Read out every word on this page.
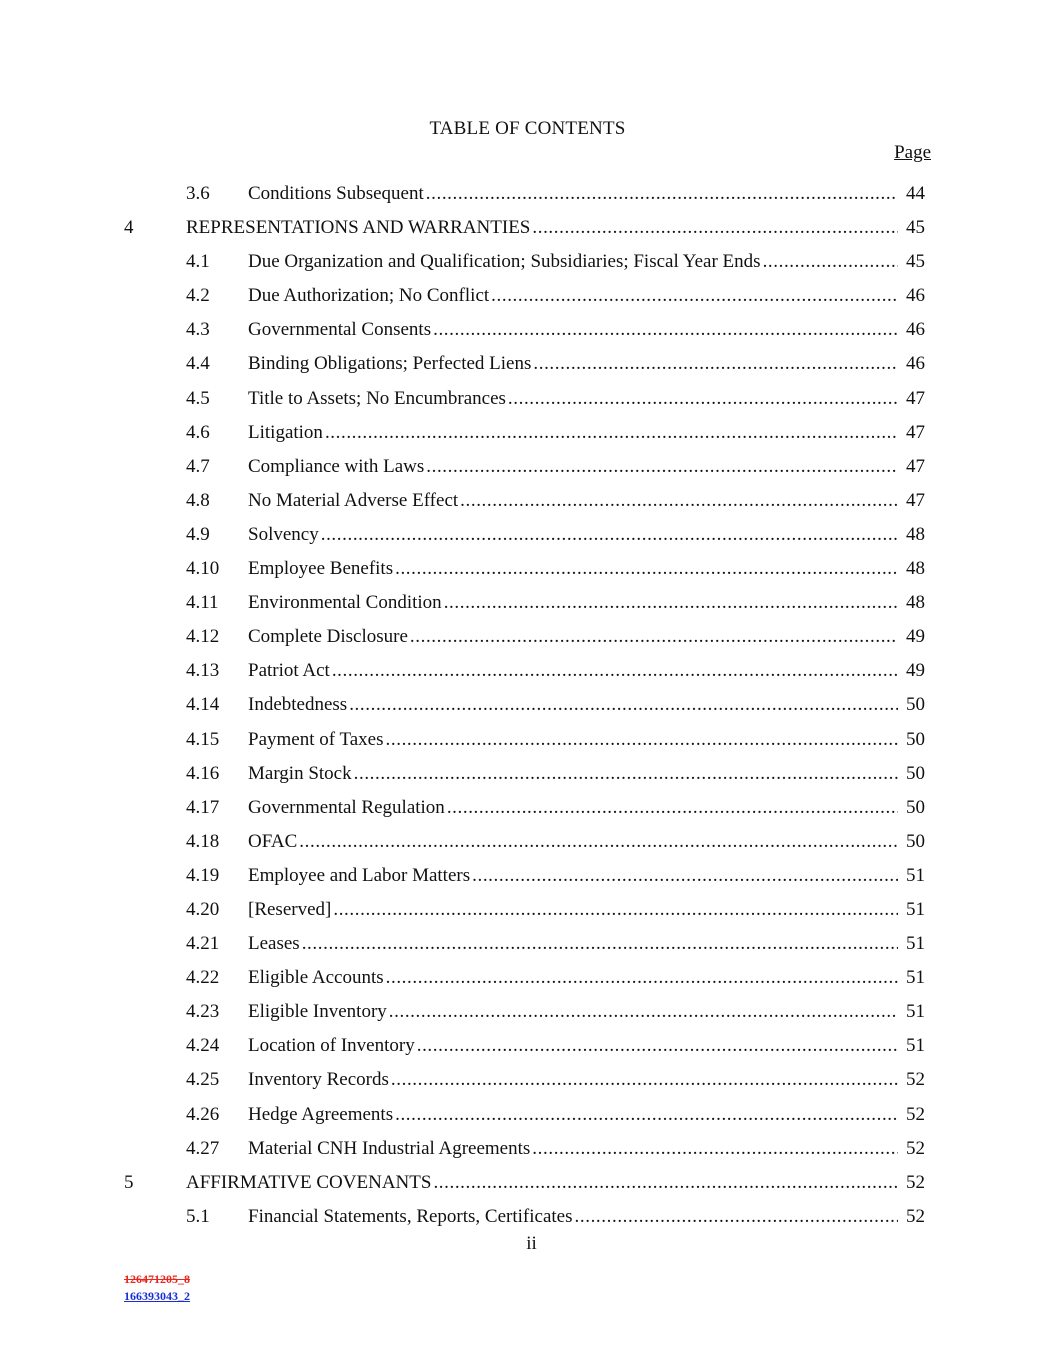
TABLE OF CONTENTS
Page
3.6 Conditions Subsequent .....	44
4	REPRESENTATIONS AND WARRANTIES .....	45
4.1 Due Organization and Qualification; Subsidiaries; Fiscal Year Ends .....	45
4.2 Due Authorization; No Conflict .....	46
4.3 Governmental Consents .....	46
4.4 Binding Obligations; Perfected Liens .....	46
4.5 Title to Assets; No Encumbrances .....	47
4.6 Litigation .....	47
4.7 Compliance with Laws .....	47
4.8 No Material Adverse Effect .....	47
4.9 Solvency .....	48
4.10 Employee Benefits .....	48
4.11 Environmental Condition .....	48
4.12 Complete Disclosure .....	49
4.13 Patriot Act .....	49
4.14 Indebtedness .....	50
4.15 Payment of Taxes .....	50
4.16 Margin Stock .....	50
4.17 Governmental Regulation .....	50
4.18 OFAC .....	50
4.19 Employee and Labor Matters .....	51
4.20 [Reserved] .....	51
4.21 Leases .....	51
4.22 Eligible Accounts .....	51
4.23 Eligible Inventory .....	51
4.24 Location of Inventory .....	51
4.25 Inventory Records .....	52
4.26 Hedge Agreements .....	52
4.27 Material CNH Industrial Agreements .....	52
5	AFFIRMATIVE COVENANTS .....	52
5.1 Financial Statements, Reports, Certificates .....	52
ii
126471205_8
166393043_2
